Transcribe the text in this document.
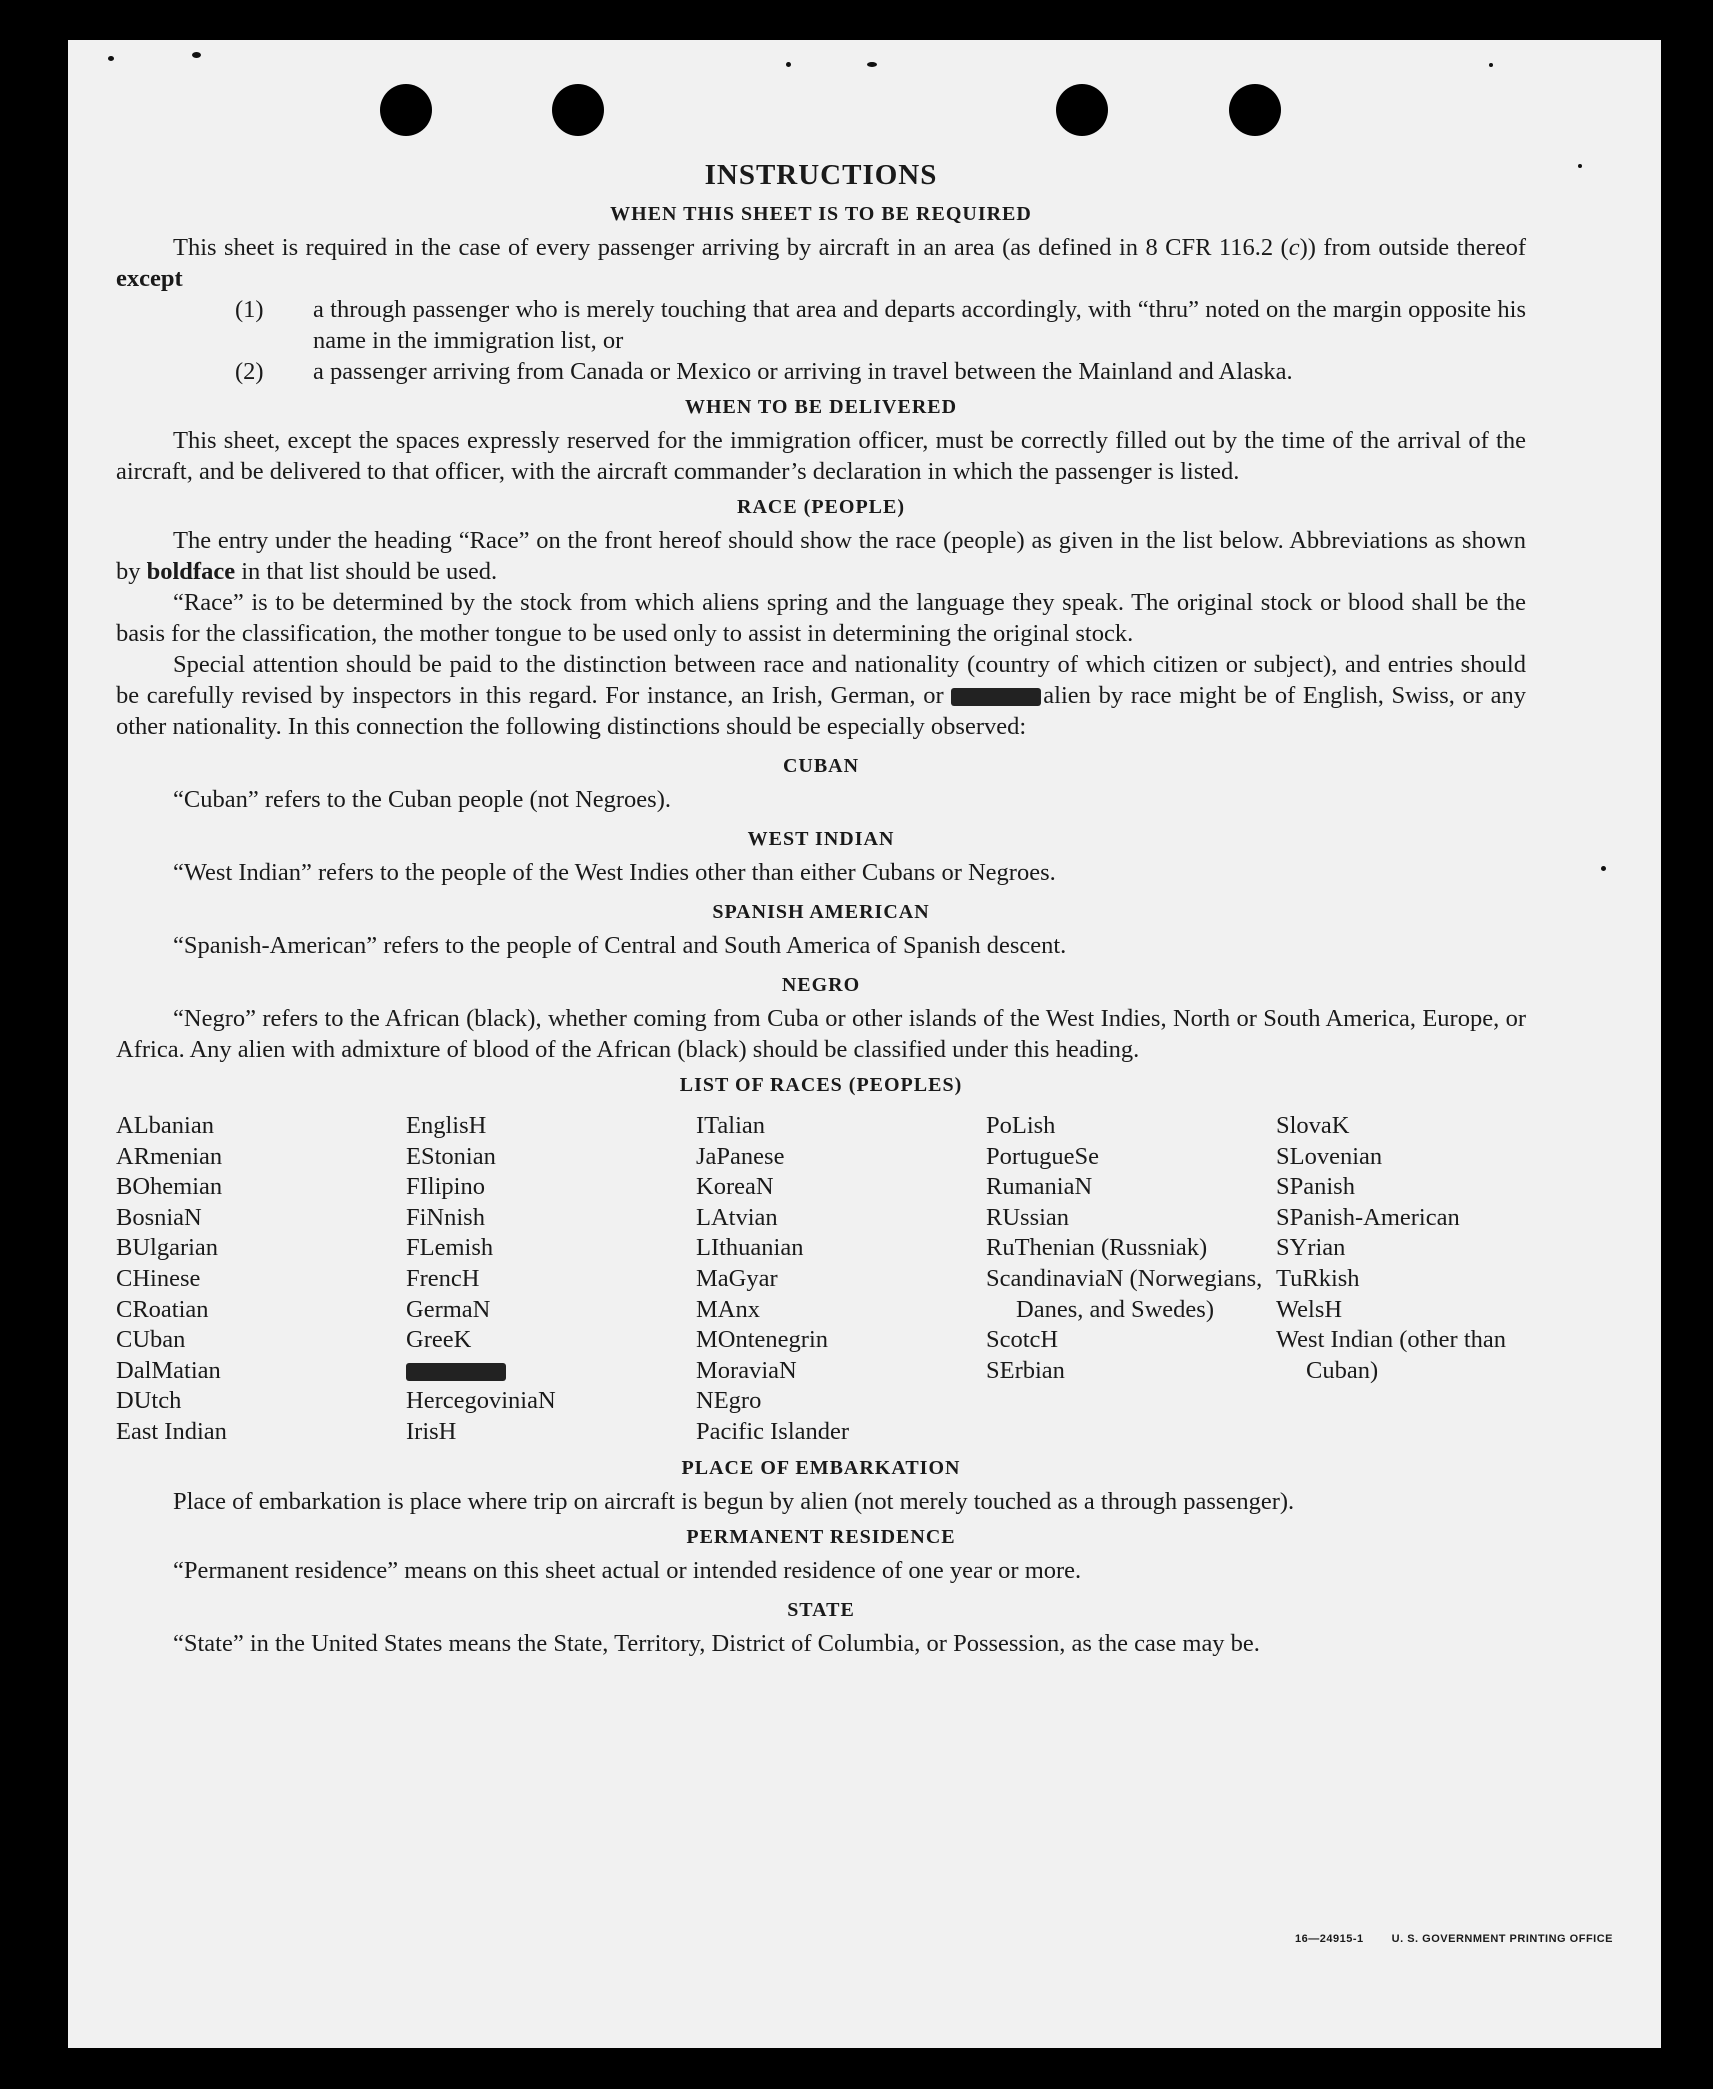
INSTRUCTIONS
WHEN THIS SHEET IS TO BE REQUIRED

This sheet is required in the case of every passenger arriving by aircraft in an area (as defined in 8 CFR 116.2 (c)) from outside thereof except

(1) a through passenger who is merely touching that area and departs accordingly, with “thru” noted on the margin opposite his name in the immigration list, or

(2) a passenger arriving from Canada or Mexico or arriving in travel between the Mainland and Alaska.

WHEN TO BE DELIVERED

This sheet, except the spaces expressly reserved for the immigration officer, must be correctly filled out by the time of the arrival of the aircraft, and be delivered to that officer, with the aircraft commander’s declaration in which the passenger is listed.

RACE (PEOPLE)

The entry under the heading “Race” on the front hereof should show the race (people) as given in the list below. Abbreviations as shown by boldface in that list should be used.

“Race” is to be determined by the stock from which aliens spring and the language they speak. The original stock or blood shall be the basis for the classification, the mother tongue to be used only to assist in determining the original stock.

Special attention should be paid to the distinction between race and nationality (country of which citizen or subject), and entries should be carefully revised by inspectors in this regard. For instance, an Irish, German, or	alien by race might be of English, Swiss, or any other nationality. In this connection the following distinctions should be especially observed:

CUBAN

“Cuban” refers to the Cuban people (not Negroes).

WEST INDIAN

“West Indian” refers to the people of the West Indies other than either Cubans or Negroes.

SPANISH AMERICAN

“Spanish-American” refers to the people of Central and South America of Spanish descent.

NEGRO

“Negro” refers to the African (black), whether coming from Cuba or other islands of the West Indies, North or South America, Europe, or Africa. Any alien with admixture of blood of the African (black) should be classified under this heading.

LIST OF RACES (PEOPLES)
ALbanian
ARmenian
BOhemian
BosniaN
BUlgarian
CHinese
CRoatian
CUban
DalMatian
DUtch
East Indian
EnglisH
EStonian
FIlipino
FiNnish
FLemish
FrencH
GermaN
GreeK
HercegoviniaN
IrisH
ITalian
JaPanese
KoreaN
LAtvian
LIthuanian
MaGyar
MAnx
MOntenegrin
MoraviaN
NEgro
Pacific Islander
PoLish
PortugueSe
RumaniaN
RUssian
RuThenian (Russniak)
ScandinaviaN (Norwegians, Danes, and Swedes)
ScotcH
SErbian
SlovaK
SLovenian
SPanish
SPanish-American
SYrian
TuRkish
WelsH
West Indian (other than Cuban)
PLACE OF EMBARKATION

Place of embarkation is place where trip on aircraft is begun by alien (not merely touched as a through passenger).

PERMANENT RESIDENCE

“Permanent residence” means on this sheet actual or intended residence of one year or more.

STATE

“State” in the United States means the State, Territory, District of Columbia, or Possession, as the case may be.

16—24915-1	U. S. GOVERNMENT PRINTING OFFICE
